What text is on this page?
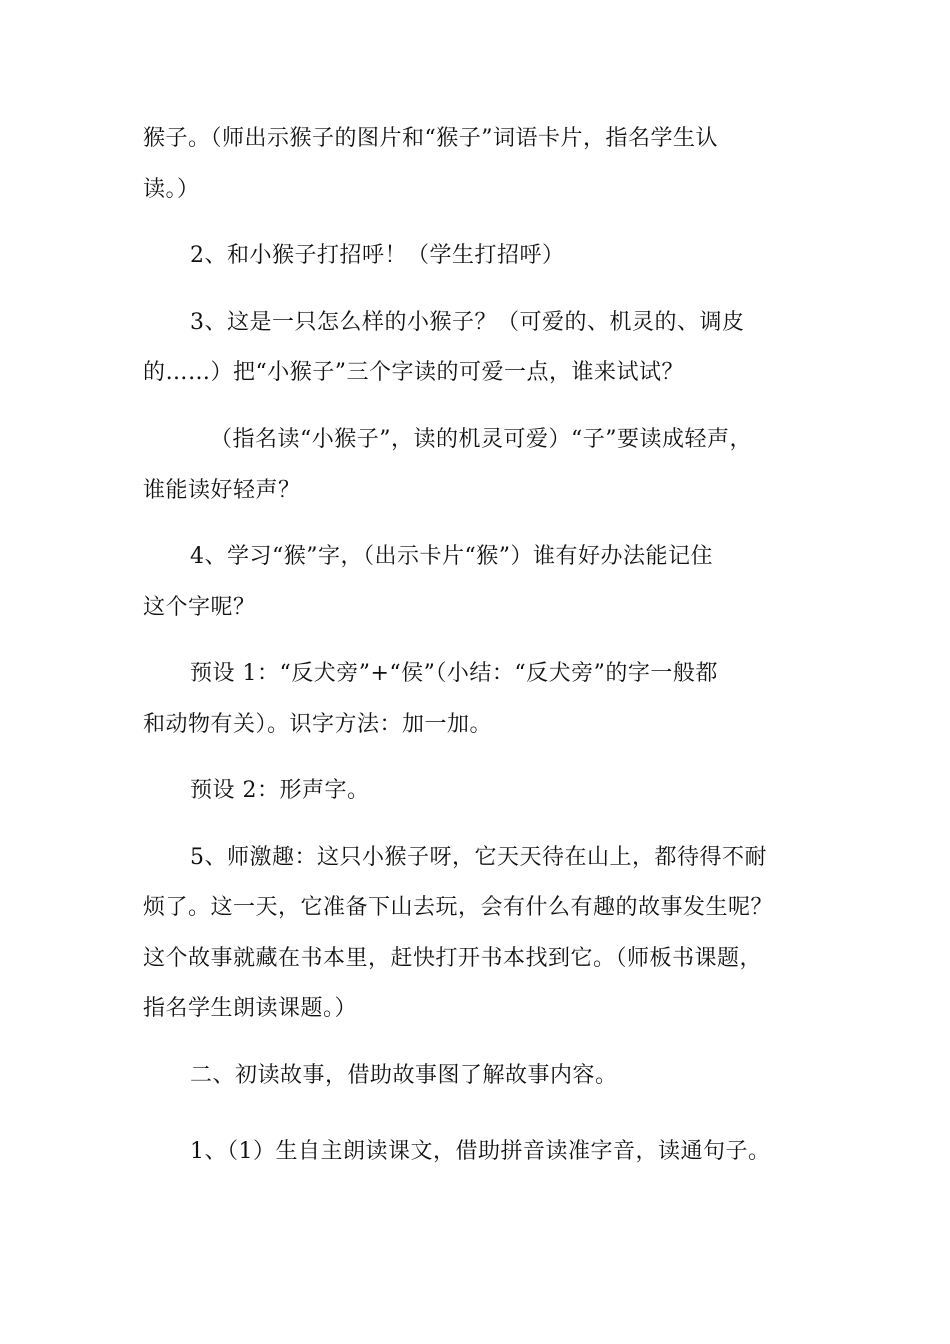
猴子。（师出示猴子的图片和“猴子”词语卡片，指名学生认
读。）
2、和小猴子打招呼！（学生打招呼）
3、这是一只怎么样的小猴子？（可爱的、机灵的、调皮
的……）把“小猴子”三个字读的可爱一点，谁来试试？
（指名读“小猴子”，读的机灵可爱）“子”要读成轻声，
谁能读好轻声？
4、学习“猴”字，（出示卡片“猴”）谁有好办法能记住
这个字呢？
预设 1：“反犬旁”+“侯”（小结：“反犬旁”的字一般都
和动物有关）。识字方法：加一加。
预设 2：形声字。
5、师激趣：这只小猴子呀，它天天待在山上，都待得不耐
烦了。这一天，它准备下山去玩，会有什么有趣的故事发生呢？
这个故事就藏在书本里，赶快打开书本找到它。（师板书课题，
指名学生朗读课题。）
二、初读故事，借助故事图了解故事内容。
1、（1）生自主朗读课文，借助拼音读准字音，读通句子。
